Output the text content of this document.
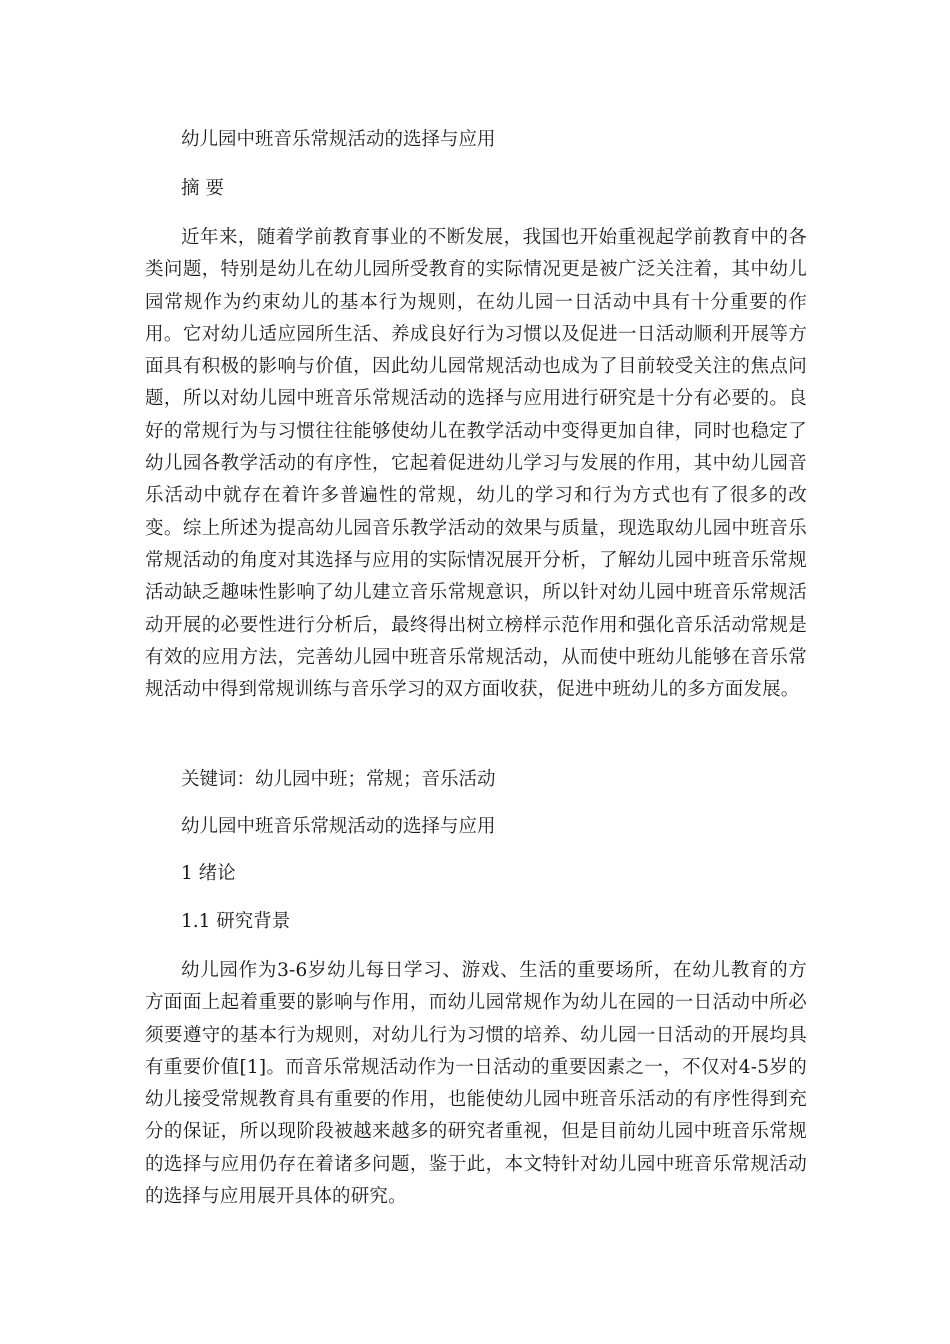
幼儿园中班音乐常规活动的选择与应用
摘 要
近年来，随着学前教育事业的不断发展，我国也开始重视起学前教育中的各类问题，特别是幼儿在幼儿园所受教育的实际情况更是被广泛关注着，其中幼儿园常规作为约束幼儿的基本行为规则，在幼儿园一日活动中具有十分重要的作用。它对幼儿适应园所生活、养成良好行为习惯以及促进一日活动顺利开展等方面具有积极的影响与价值，因此幼儿园常规活动也成为了目前较受关注的焦点问题，所以对幼儿园中班音乐常规活动的选择与应用进行研究是十分有必要的。良好的常规行为与习惯往往能够使幼儿在教学活动中变得更加自律，同时也稳定了幼儿园各教学活动的有序性，它起着促进幼儿学习与发展的作用，其中幼儿园音乐活动中就存在着许多普遍性的常规，幼儿的学习和行为方式也有了很多的改变。综上所述为提高幼儿园音乐教学活动的效果与质量，现选取幼儿园中班音乐常规活动的角度对其选择与应用的实际情况展开分析，了解幼儿园中班音乐常规活动缺乏趣味性影响了幼儿建立音乐常规意识，所以针对幼儿园中班音乐常规活动开展的必要性进行分析后，最终得出树立榜样示范作用和强化音乐活动常规是有效的应用方法，完善幼儿园中班音乐常规活动，从而使中班幼儿能够在音乐常规活动中得到常规训练与音乐学习的双方面收获，促进中班幼儿的多方面发展。
关键词：幼儿园中班；常规；音乐活动
幼儿园中班音乐常规活动的选择与应用
1 绪论
1.1 研究背景
幼儿园作为3-6岁幼儿每日学习、游戏、生活的重要场所，在幼儿教育的方方面面上起着重要的影响与作用，而幼儿园常规作为幼儿在园的一日活动中所必须要遵守的基本行为规则，对幼儿行为习惯的培养、幼儿园一日活动的开展均具有重要价值[1]。而音乐常规活动作为一日活动的重要因素之一，不仅对4-5岁的幼儿接受常规教育具有重要的作用，也能使幼儿园中班音乐活动的有序性得到充分的保证，所以现阶段被越来越多的研究者重视，但是目前幼儿园中班音乐常规的选择与应用仍存在着诸多问题，鉴于此，本文特针对幼儿园中班音乐常规活动的选择与应用展开具体的研究。
